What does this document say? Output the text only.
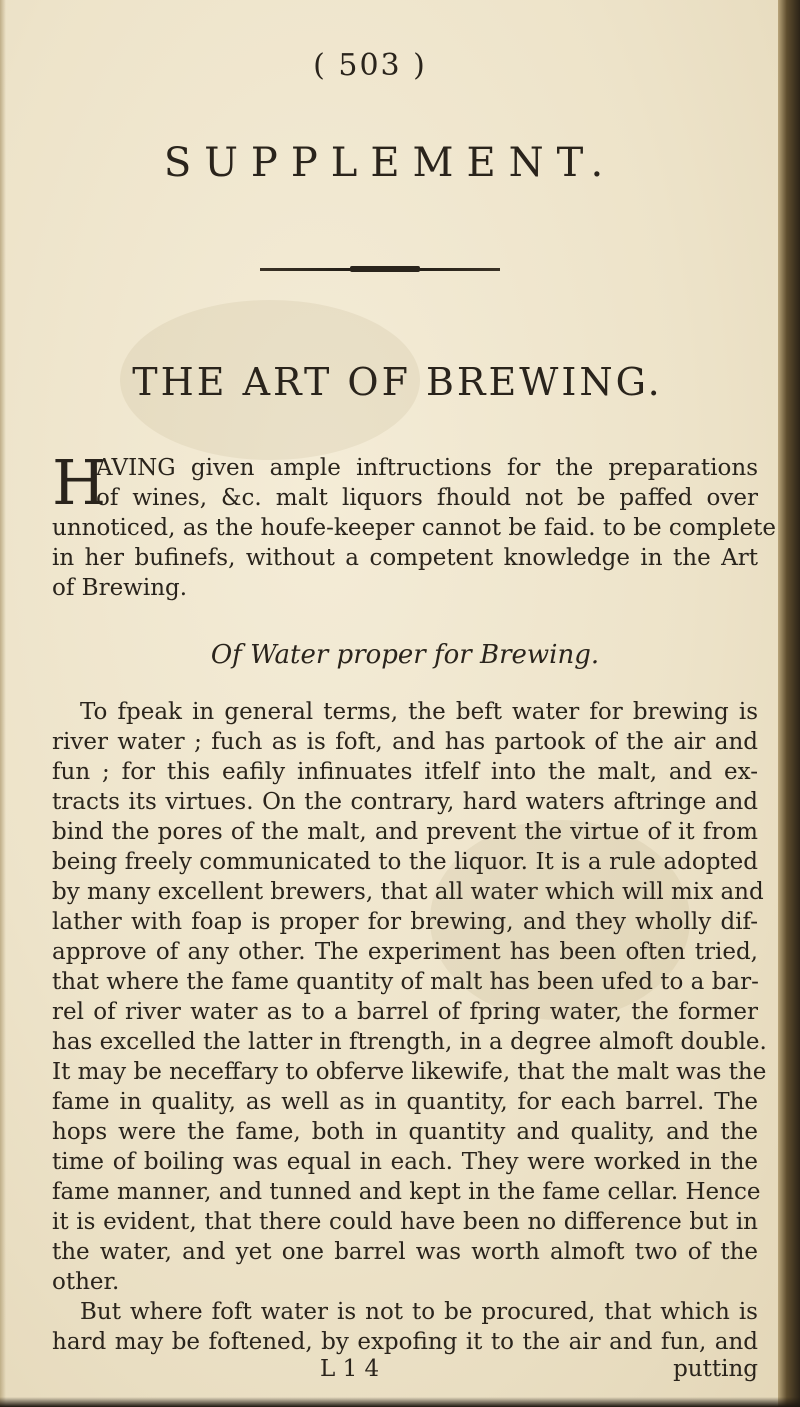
( 503 )
SUPPLEMENT.
THE ART OF BREWING.
H
AVING given ample inftructions for the preparations
of wines, &c. malt liquors fhould not be paffed over
unnoticed, as the houfe-keeper cannot be faid. to be complete
in her bufinefs, without a competent knowledge in the Art
of Brewing.
Of Water proper for Brewing.
To fpeak in general terms, the beft water for brewing is
river water ; fuch as is foft, and has partook of the air and
fun ; for this eafily infinuates itfelf into the malt, and ex-
tracts its virtues. On the contrary, hard waters aftringe and
bind the pores of the malt, and prevent the virtue of it from
being freely communicated to the liquor. It is a rule adopted
by many excellent brewers, that all water which will mix and
lather with foap is proper for brewing, and they wholly dif-
approve of any other. The experiment has been often tried,
that where the fame quantity of malt has been ufed to a bar-
rel of river water as to a barrel of fpring water, the former
has excelled the latter in ftrength, in a degree almoft double.
It may be neceffary to obferve likewife, that the malt was the
fame in quality, as well as in quantity, for each barrel. The
hops were the fame, both in quantity and quality, and the
time of boiling was equal in each. They were worked in the
fame manner, and tunned and kept in the fame cellar. Hence
it is evident, that there could have been no difference but in
the water, and yet one barrel was worth almoft two of the
other.
But where foft water is not to be procured, that which is
hard may be foftened, by expofing it to the air and fun, and
L 1 4	putting
